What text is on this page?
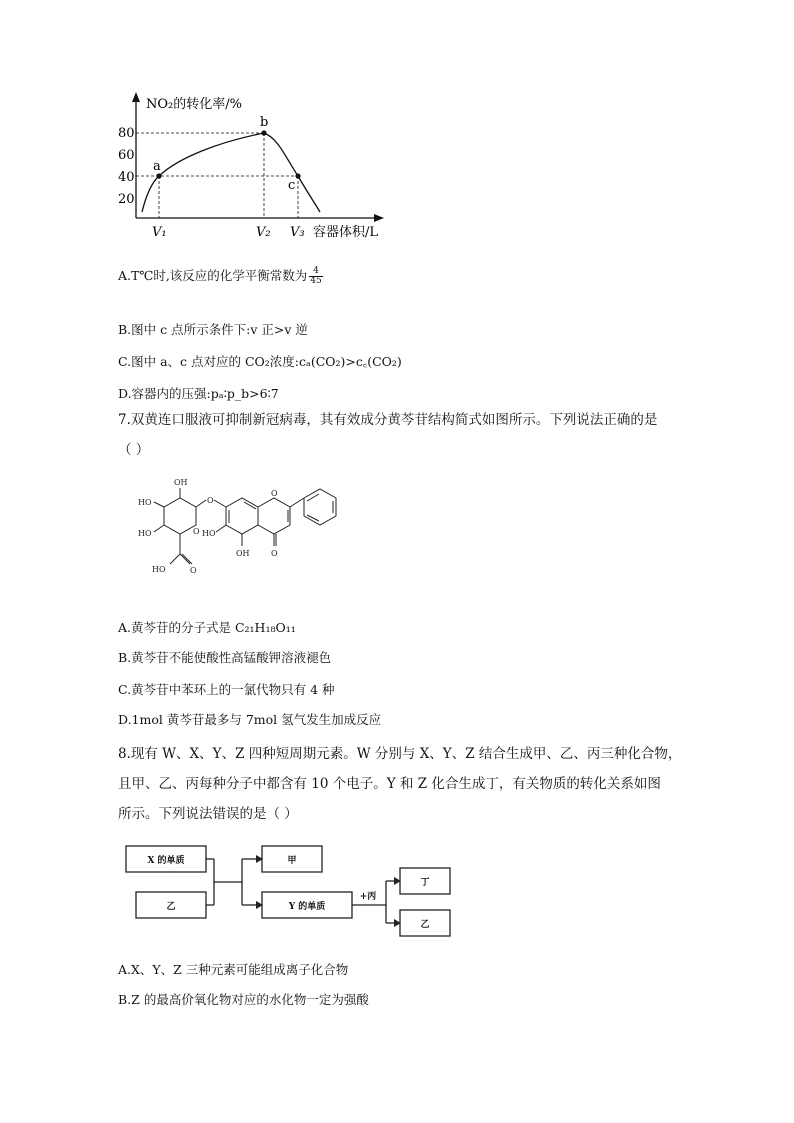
NO₂的转化率/%
容器体积/L
80
60
40
20
V₁	V₂ V₃
a
b
c
A.T℃时,该反应的化学平衡常数为 $\frac{4}{45}$
B.图中 c 点所示条件下:v 正>v 逆
C.图中 a、c 点对应的 CO₂浓度:cₐ(CO₂)>c꜀(CO₂)
D.容器内的压强:pₐ∶p_b>6∶7
7.双黄连口服液可抑制新冠病毒，其有效成分黄芩苷结构简式如图所示。下列说法正确的是
（ ）
OH
HO
HO	O
O
HO	O
HO
OH	O
O
A.黄芩苷的分子式是 C₂₁H₁₈O₁₁
B.黄芩苷不能使酸性高锰酸钾溶液褪色
C.黄芩苷中苯环上的一氯代物只有 4 种
D.1mol 黄芩苷最多与 7mol 氢气发生加成反应
8.现有 W、X、Y、Z 四种短周期元素。W 分别与 X、Y、Z 结合生成甲、乙、丙三种化合物，
且甲、乙、丙每种分子中都含有 10 个电子。Y 和 Z 化合生成丁，有关物质的转化关系如图
所示。下列说法错误的是（ ）
X 的单质
乙
甲
Y 的单质
+丙
丁
乙
A.X、Y、Z 三种元素可能组成离子化合物
B.Z 的最高价氧化物对应的水化物一定为强酸
